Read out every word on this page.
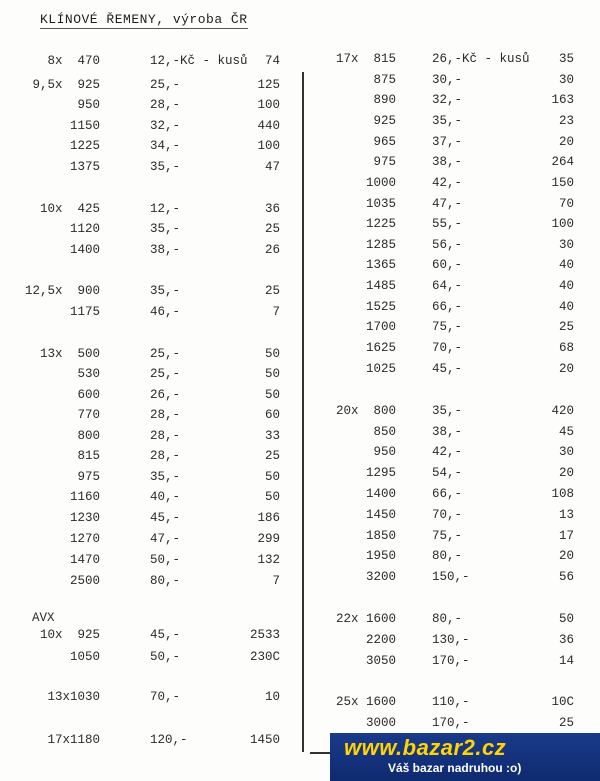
KLÍNOVÉ ŘEMENY, výroba ČR
8x  470	12,-Kč - kusů	74
9,5x  925	25,-	125
950	28,-	100
1150	32,-	440
1225	34,-	100
1375	35,-	47
10x  425	12,-	36
1120	35,-	25
1400	38,-	26
12,5x  900	35,-	25
1175	46,-	7
13x  500	25,-	50
530	25,-	50
600	26,-	50
770	28,-	60
800	28,-	33
815	28,-	25
975	35,-	50
1160	40,-	50
1230	45,-	186
1270	47,-	299
1470	50,-	132
2500	80,-	7
10x  925	45,-	2533
1050	50,-	230C
13x1030	70,-	10
17x1180	120,-	1450
17x  815	26,-Kč - kusů	35
875	30,-	30
890	32,-	163
925	35,-	23
965	37,-	20
975	38,-	264
1000	42,-	150
1035	47,-	70
1225	55,-	100
1285	56,-	30
1365	60,-	40
1485	64,-	40
1525	66,-	40
1700	75,-	25
1625	70,-	68
1025	45,-	20
20x  800	35,-	420
850	38,-	45
950	42,-	30
1295	54,-	20
1400	66,-	108
1450	70,-	13
1850	75,-	17
1950	80,-	20
3200	150,-	56
22x 1600	80,-	50
2200	130,-	36
3050	170,-	14
25x 1600	110,-	10C
3000	170,-	25
AVX
www.bazar2.cz
Váš bazar nadruhou :o)
